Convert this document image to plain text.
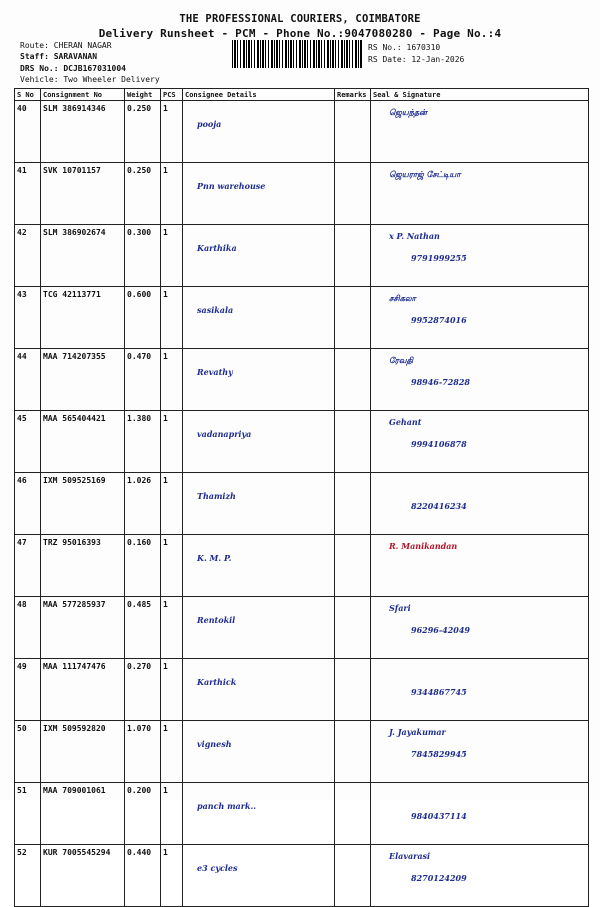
THE PROFESSIONAL COURIERS, COIMBATORE
Delivery Runsheet - PCM - Phone No.:9047080280 - Page No.:4
Route: CHERAN NAGAR
Staff: SARAVANAN
DRS No.: DCJB167031004
Vehicle: Two Wheeler Delivery
RS No.: 1670310
RS Date: 12-Jan-2026
S No	Consignment No	Weight	PCS	Consignee Details	Remarks	Seal & Signature
40	SLM 386914346	0.250	1	pooja		ஜெயந்தன்

41	SVK 10701157	0.250	1	Pnn warehouse		ஜெயராஜ் சேட்டியா

42	SLM 386902674	0.300	1	Karthika		x P. Nathan
9791999255

43	TCG 42113771	0.600	1	sasikala		சசிகலா
9952874016

44	MAA 714207355	0.470	1	Revathy		ரேவதி
98946-72828

45	MAA 565404421	1.380	1	vadanapriya		Gehant
9994106878

46	IXM 509525169	1.026	1	Thamizh		8220416234

47	TRZ 95016393	0.160	1	K. M. P.		R. Manikandan

48	MAA 577285937	0.485	1	Rentokil		Sfari
96296-42049

49	MAA 111747476	0.270	1	Karthick		9344867745

50	IXM 509592820	1.070	1	vignesh		J. Jayakumar
7845829945

51	MAA 709001061	0.200	1	panch mark..		9840437114

52	KUR 7005545294	0.440	1	e3 cycles		Elavarasi
8270124209
